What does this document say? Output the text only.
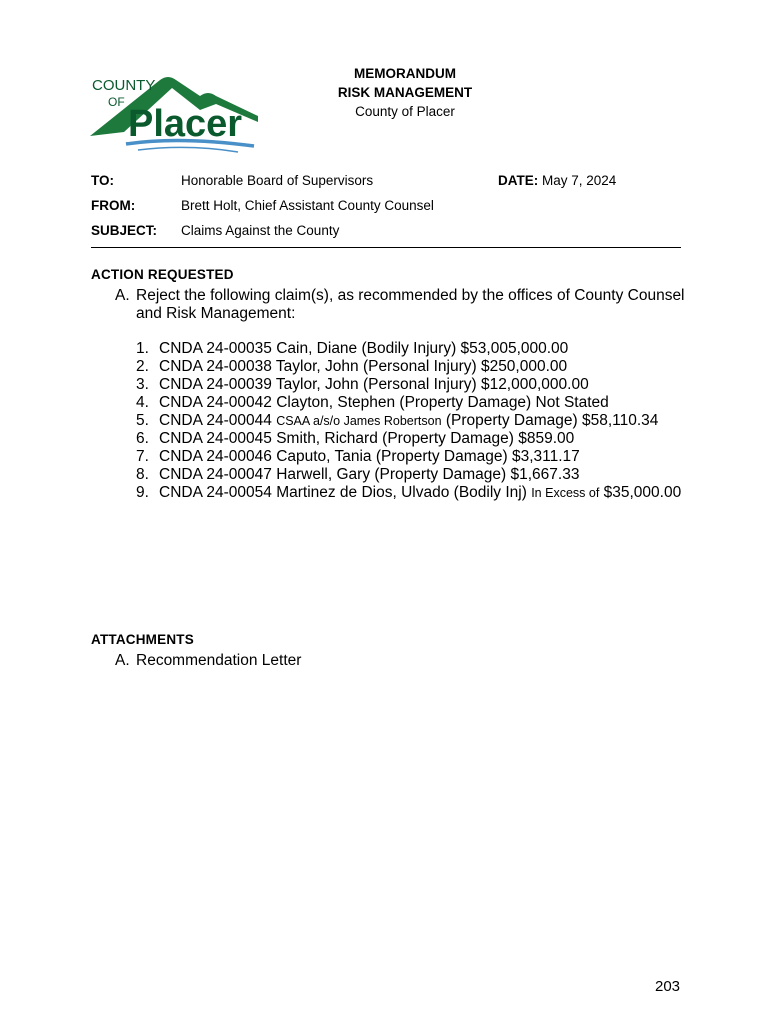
COUNTY
OF
Placer
MEMORANDUM
RISK MANAGEMENT
County of Placer
TO:	Honorable Board of Supervisors	DATE: May 7, 2024
FROM:	Brett Holt, Chief Assistant County Counsel
SUBJECT: Claims Against the County
ACTION REQUESTED
A. Reject the following claim(s), as recommended by the offices of County Counsel
and Risk Management:
1. CNDA 24-00035 Cain, Diane (Bodily Injury) $53,005,000.00
2. CNDA 24-00038 Taylor, John (Personal Injury) $250,000.00
3. CNDA 24-00039 Taylor, John (Personal Injury) $12,000,000.00
4. CNDA 24-00042 Clayton, Stephen (Property Damage) Not Stated
5. CNDA 24-00044 CSAA a/s/o James Robertson (Property Damage) $58,110.34
6. CNDA 24-00045 Smith, Richard (Property Damage) $859.00
7. CNDA 24-00046 Caputo, Tania (Property Damage) $3,311.17
8. CNDA 24-00047 Harwell, Gary (Property Damage) $1,667.33
9. CNDA 24-00054 Martinez de Dios, Ulvado (Bodily Inj) In Excess of $35,000.00
ATTACHMENTS
A. Recommendation Letter
203
